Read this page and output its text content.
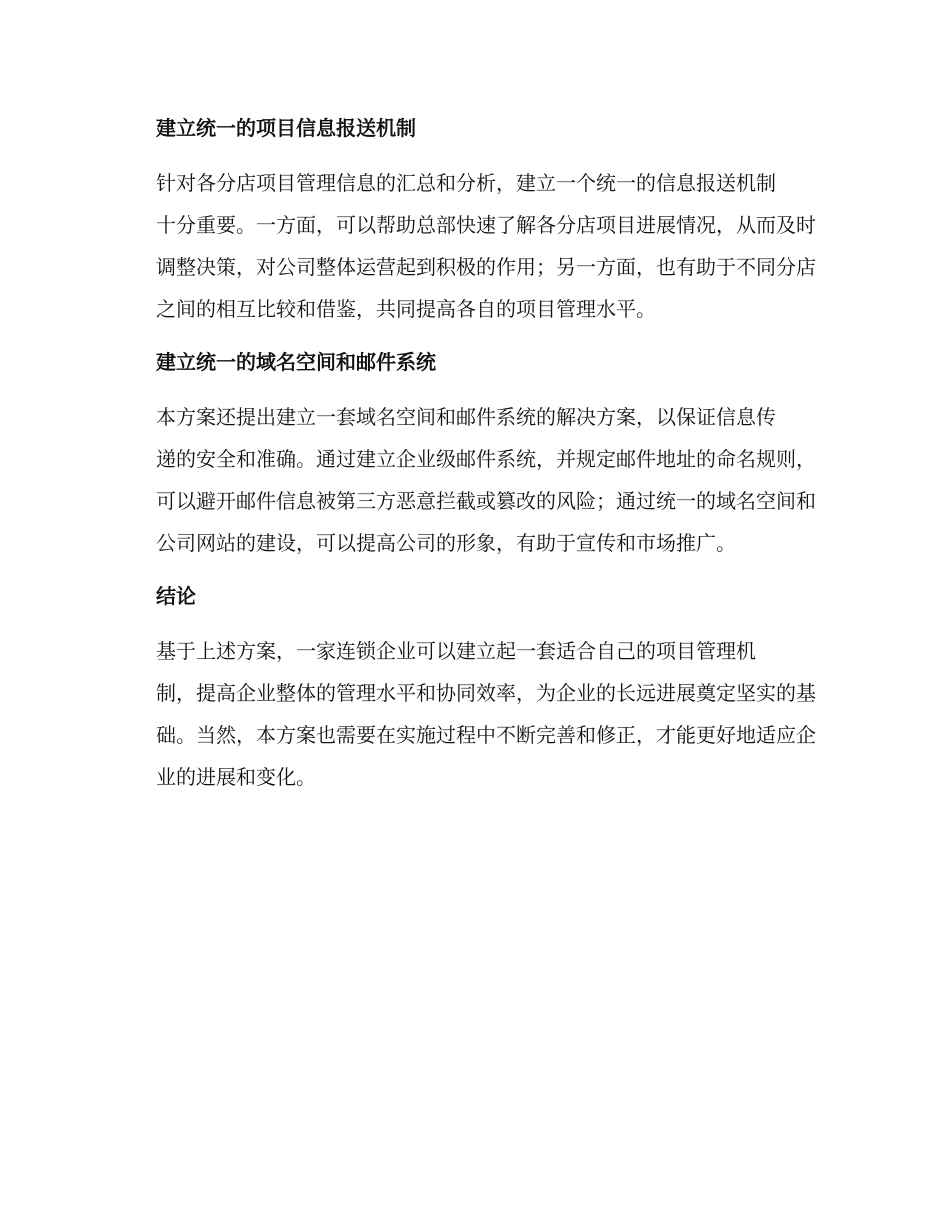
建立统一的项目信息报送机制

针对各分店项目管理信息的汇总和分析，建立一个统一的信息报送机制
十分重要。一方面，可以帮助总部快速了解各分店项目进展情况，从而及时
调整决策，对公司整体运营起到积极的作用；另一方面，也有助于不同分店
之间的相互比较和借鉴，共同提高各自的项目管理水平。

建立统一的域名空间和邮件系统

本方案还提出建立一套域名空间和邮件系统的解决方案，以保证信息传
递的安全和准确。通过建立企业级邮件系统，并规定邮件地址的命名规则，
可以避开邮件信息被第三方恶意拦截或篡改的风险；通过统一的域名空间和
公司网站的建设，可以提高公司的形象，有助于宣传和市场推广。

结论

基于上述方案，一家连锁企业可以建立起一套适合自己的项目管理机
制，提高企业整体的管理水平和协同效率，为企业的长远进展奠定坚实的基
础。当然，本方案也需要在实施过程中不断完善和修正，才能更好地适应企
业的进展和变化。
